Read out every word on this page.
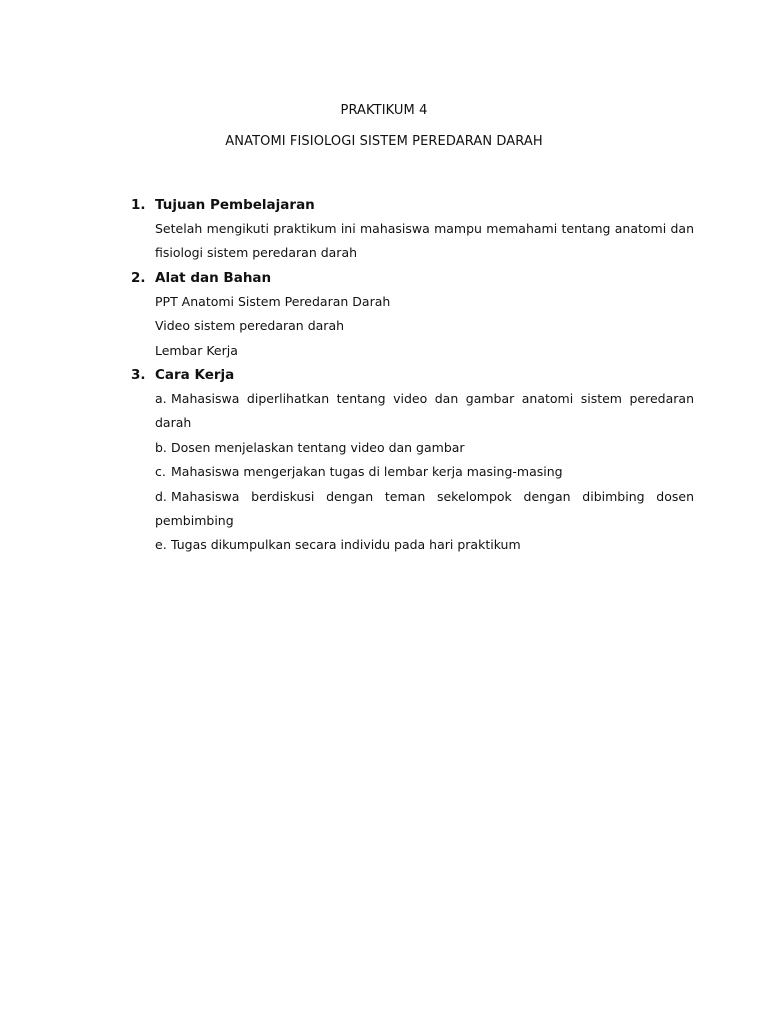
PRAKTIKUM 4
ANATOMI FISIOLOGI SISTEM PEREDARAN DARAH
1. Tujuan Pembelajaran

Setelah mengikuti praktikum ini mahasiswa mampu memahami tentang anatomi dan fisiologi sistem peredaran darah

2. Alat dan Bahan

PPT Anatomi Sistem Peredaran Darah

Video sistem peredaran darah

Lembar Kerja

3. Cara Kerja

a. Mahasiswa diperlihatkan tentang video dan gambar anatomi sistem peredaran darah

b. Dosen menjelaskan tentang video dan gambar

c. Mahasiswa mengerjakan tugas di lembar kerja masing-masing

d. Mahasiswa berdiskusi dengan teman sekelompok dengan dibimbing dosen pembimbing

e. Tugas dikumpulkan secara individu pada hari praktikum
